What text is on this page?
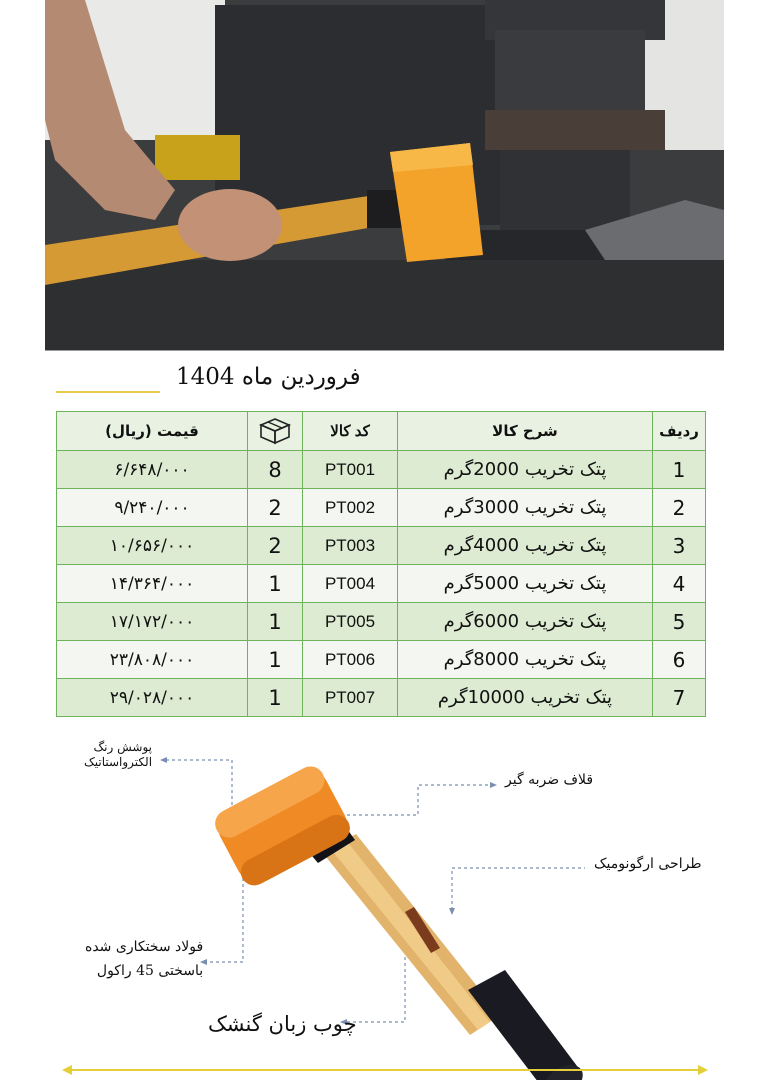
فروردین ماه 1404
ردیف	شرح کالا	کد کالا		قیمت (ریال)
1	پتک تخریب 2000گرم	PT001	8	۶/۶۴۸/۰۰۰
2	پتک تخریب 3000گرم	PT002	2	۹/۲۴۰/۰۰۰
3	پتک تخریب 4000گرم	PT003	2	۱۰/۶۵۶/۰۰۰
4	پتک تخریب 5000گرم	PT004	1	۱۴/۳۶۴/۰۰۰
5	پتک تخریب 6000گرم	PT005	1	۱۷/۱۷۲/۰۰۰
6	پتک تخریب 8000گرم	PT006	1	۲۳/۸۰۸/۰۰۰
7	پتک تخریب 10000گرم	PT007	1	۲۹/۰۲۸/۰۰۰
پوشش رنگ
الکترواستاتیک
قلاف ضربه گیر
طراحی ارگونومیک
فولاد سختکاری شده
باسختی 45 راکول
چوب زبان گنشک
